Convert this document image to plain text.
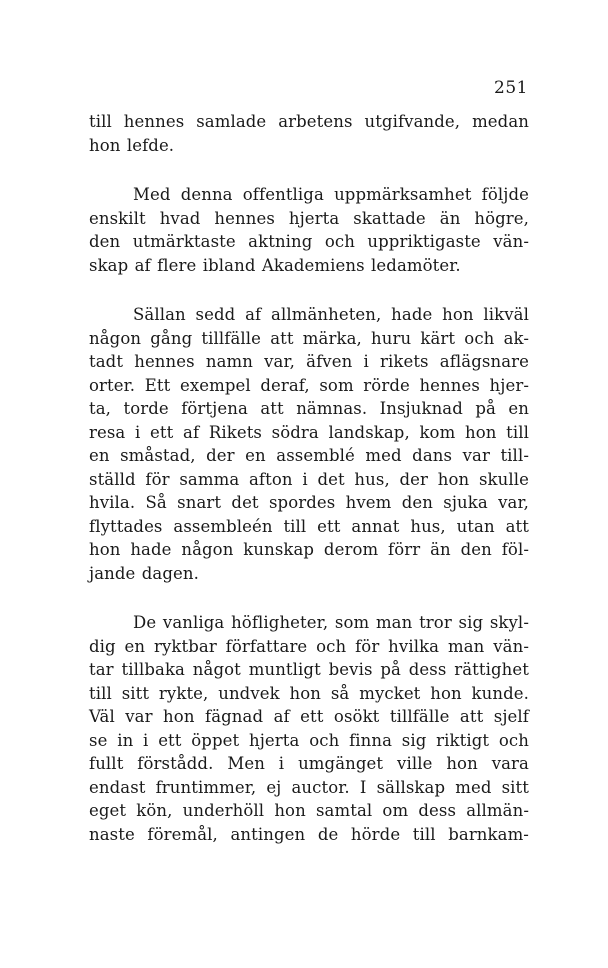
251
till hennes samlade arbetens utgifvande, medan
hon lefde.
Med denna offentliga uppmärksamhet följde
enskilt hvad hennes hjerta skattade än högre,
den utmärktaste aktning och uppriktigaste vän-
skap af flere ibland Akademiens ledamöter.
Sällan sedd af allmänheten, hade hon likväl
någon gång tillfälle att märka, huru kärt och ak-
tadt hennes namn var, äfven i rikets aflägsnare
orter. Ett exempel deraf, som rörde hennes hjer-
ta, torde förtjena att nämnas. Insjuknad på en
resa i ett af Rikets södra landskap, kom hon till
en småstad, der en assemblé med dans var till-
ställd för samma afton i det hus, der hon skulle
hvila. Så snart det spordes hvem den sjuka var,
flyttades assembleén till ett annat hus, utan att
hon hade någon kunskap derom förr än den föl-
jande dagen.
De vanliga höfligheter, som man tror sig skyl-
dig en ryktbar författare och för hvilka man vän-
tar tillbaka något muntligt bevis på dess rättighet
till sitt rykte, undvek hon så mycket hon kunde.
Väl var hon fägnad af ett osökt tillfälle att sjelf
se in i ett öppet hjerta och finna sig riktigt och
fullt förstådd. Men i umgänget ville hon vara
endast fruntimmer, ej auctor. I sällskap med sitt
eget kön, underhöll hon samtal om dess allmän-
naste föremål, antingen de hörde till barnkam-
